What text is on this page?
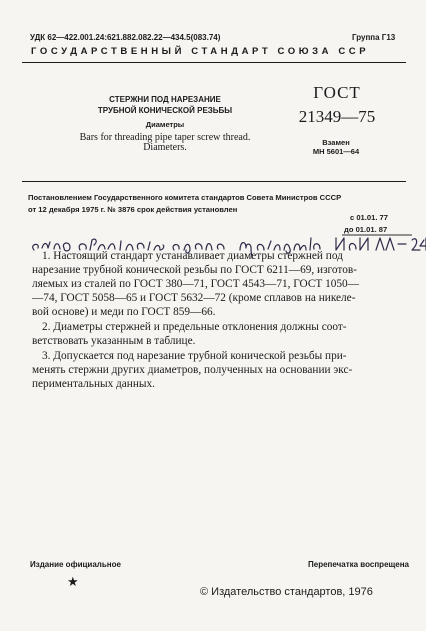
УДК 62—422.001.24:621.882.082.22—434.5(083.74)	Группа Г13
ГОСУДАРСТВЕННЫЙ СТАНДАРТ СОЮЗА ССР
СТЕРЖНИ ПОД НАРЕЗАНИЕ
ТРУБНОЙ КОНИЧЕСКОЙ РЕЗЬБЫ
Диаметры
Bars for threading pipe taper screw thread.
Diameters.
ГОСТ
21349—75
Взамен
МН 5601—64
Постановлением Государственного комитета стандартов Совета Министров СССР
от 12 декабря 1975 г. № 3876 срок действия установлен
с 01.01. 77
до 01.01. 87
1. Настоящий стандарт устанавливает диаметры стержней под
нарезание трубной конической резьбы по ГОСТ 6211—69, изготов-
ляемых из сталей по ГОСТ 380—71, ГОСТ 4543—71, ГОСТ 1050—
—74, ГОСТ 5058—65 и ГОСТ 5632—72 (кроме сплавов на никеле-
вой основе) и меди по ГОСТ 859—66.
2. Диаметры стержней и предельные отклонения должны соот-
ветствовать указанным в таблице.
3. Допускается под нарезание трубной конической резьбы при-
менять стержни других диаметров, полученных на основании экс-
периментальных данных.
Издание официальное
★
Перепечатка воспрещена
© Издательство стандартов, 1976
